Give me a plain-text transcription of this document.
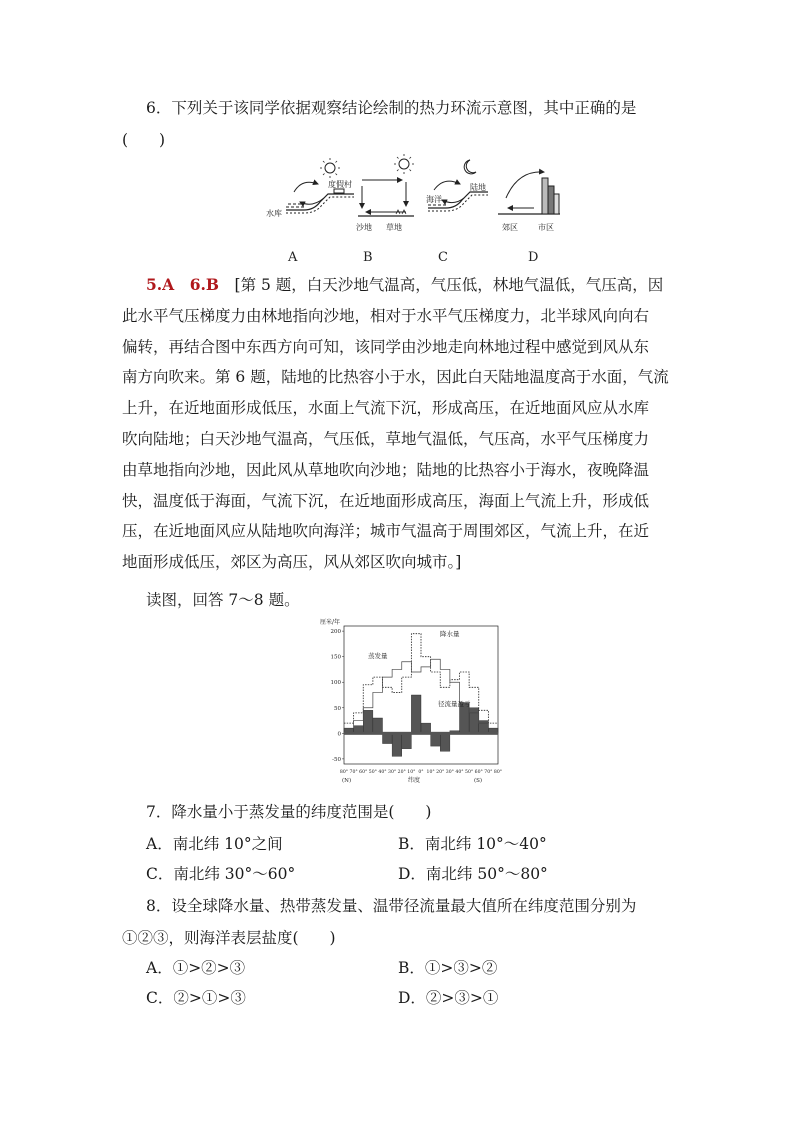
6．下列关于该同学依据观察结论绘制的热力环流示意图，其中正确的是
(　　)
水库
度假村
沙地 草地
海洋
陆地
郊区	市区
A	B	C	D
5.A　6.B　 [第 5 题，白天沙地气温高，气压低，林地气温低，气压高，因
此水平气压梯度力由林地指向沙地，相对于水平气压梯度力，北半球风向向右
偏转，再结合图中东西方向可知，该同学由沙地走向林地过程中感觉到风从东
南方向吹来。第 6 题，陆地的比热容小于水，因此白天陆地温度高于水面，气流
上升，在近地面形成低压，水面上气流下沉，形成高压，在近地面风应从水库
吹向陆地；白天沙地气温高，气压低，草地气温低，气压高，水平气压梯度力
由草地指向沙地，因此风从草地吹向沙地；陆地的比热容小于海水，夜晚降温
快，温度低于海面，气流下沉，在近地面形成高压，海面上气流上升，形成低
压，在近地面风应从陆地吹向海洋；城市气温高于周围郊区，气流上升，在近
地面形成低压，郊区为高压，风从郊区吹向城市。]
读图，回答 7～8 题。
厘米/年
200
150
100
50
0
-50
80° 70° 60° 50° 40° 30° 20° 10° 0° 10° 20° 30° 40° 50° 60° 70° 80°
(N)	纬度	(S)
蒸发量
降水量
径流量盈亏
7．降水量小于蒸发量的纬度范围是(　　)
A．南北纬 10°之间	B．南北纬 10°～40°
C．南北纬 30°～60°	D．南北纬 50°～80°
8．设全球降水量、热带蒸发量、温带径流量最大值所在纬度范围分别为
①②③，则海洋表层盐度(　　)
A．①>②>③	B．①>③>②
C．②>①>③	D．②>③>①
